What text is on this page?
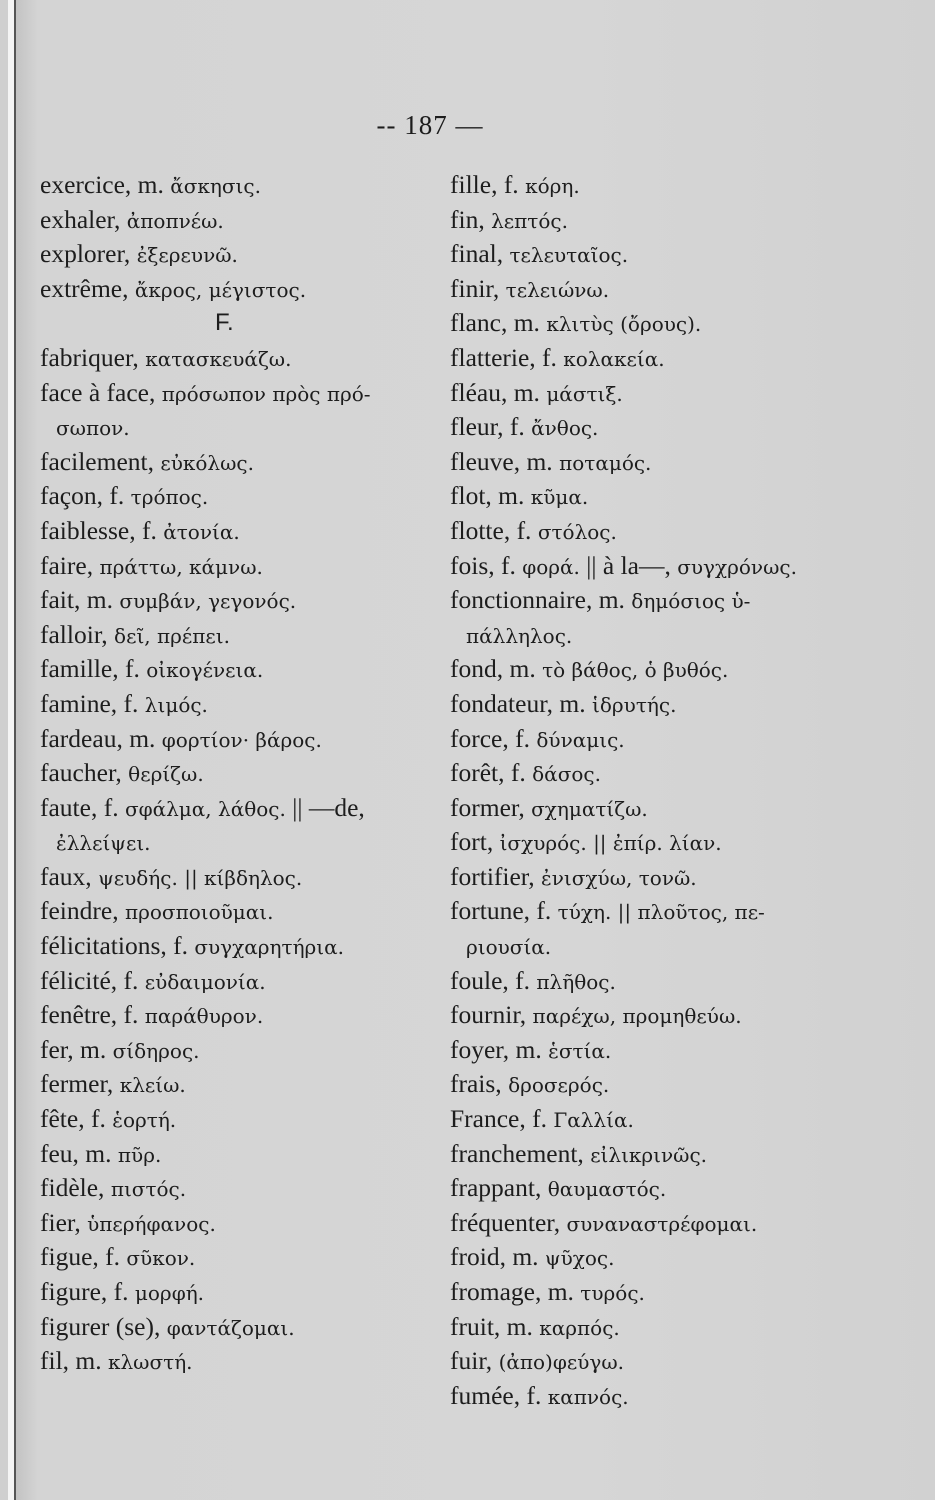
-- 187 —
exercice, m. ἄσκησις.
exhaler, ἀποπνέω.
explorer, ἐξερευνῶ.
extrême, ἄκρος, μέγιστος.
F.
fabriquer, κατασκευάζω.
face à face, πρόσωπον πρὸς πρό-
σωπον.
facilement, εὐκόλως.
façon, f. τρόπος.
faiblesse, f. ἀτονία.
faire, πράττω, κάμνω.
fait, m. συμβάν, γεγονός.
falloir, δεῖ, πρέπει.
famille, f. οἰκογένεια.
famine, f. λιμός.
fardeau, m. φορτίον· βάρος.
faucher, θερίζω.
faute, f. σφάλμα, λάθος. || —de,
ἐλλείψει.
faux, ψευδής. || κίβδηλος.
feindre, προσποιοῦμαι.
félicitations, f. συγχαρητήρια.
félicité, f. εὐδαιμονία.
fenêtre, f. παράθυρον.
fer, m. σίδηρος.
fermer, κλείω.
fête, f. ἑορτή.
feu, m. πῦρ.
fidèle, πιστός.
fier, ὑπερήφανος.
figue, f. σῦκον.
figure, f. μορφή.
figurer (se), φαντάζομαι.
fil, m. κλωστή.
fille, f. κόρη.
fin, λεπτός.
final, τελευταῖος.
finir, τελειώνω.
flanc, m. κλιτὺς (ὄρους).
flatterie, f. κολακεία.
fléau, m. μάστιξ.
fleur, f. ἄνθος.
fleuve, m. ποταμός.
flot, m. κῦμα.
flotte, f. στόλος.
fois, f. φορά. || à la—, συγχρόνως.
fonctionnaire, m. δημόσιος ὑ-
πάλληλος.
fond, m. τὸ βάθος, ὁ βυθός.
fondateur, m. ἱδρυτής.
force, f. δύναμις.
forêt, f. δάσος.
former, σχηματίζω.
fort, ἰσχυρός. || ἐπίρ. λίαν.
fortifier, ἐνισχύω, τονῶ.
fortune, f. τύχη. || πλοῦτος, πε-
ριουσία.
foule, f. πλῆθος.
fournir, παρέχω, προμηθεύω.
foyer, m. ἑστία.
frais, δροσερός.
France, f. Γαλλία.
franchement, εἰλικρινῶς.
frappant, θαυμαστός.
fréquenter, συναναστρέφομαι.
froid, m. ψῦχος.
fromage, m. τυρός.
fruit, m. καρπός.
fuir, (ἀπο)φεύγω.
fumée, f. καπνός.
